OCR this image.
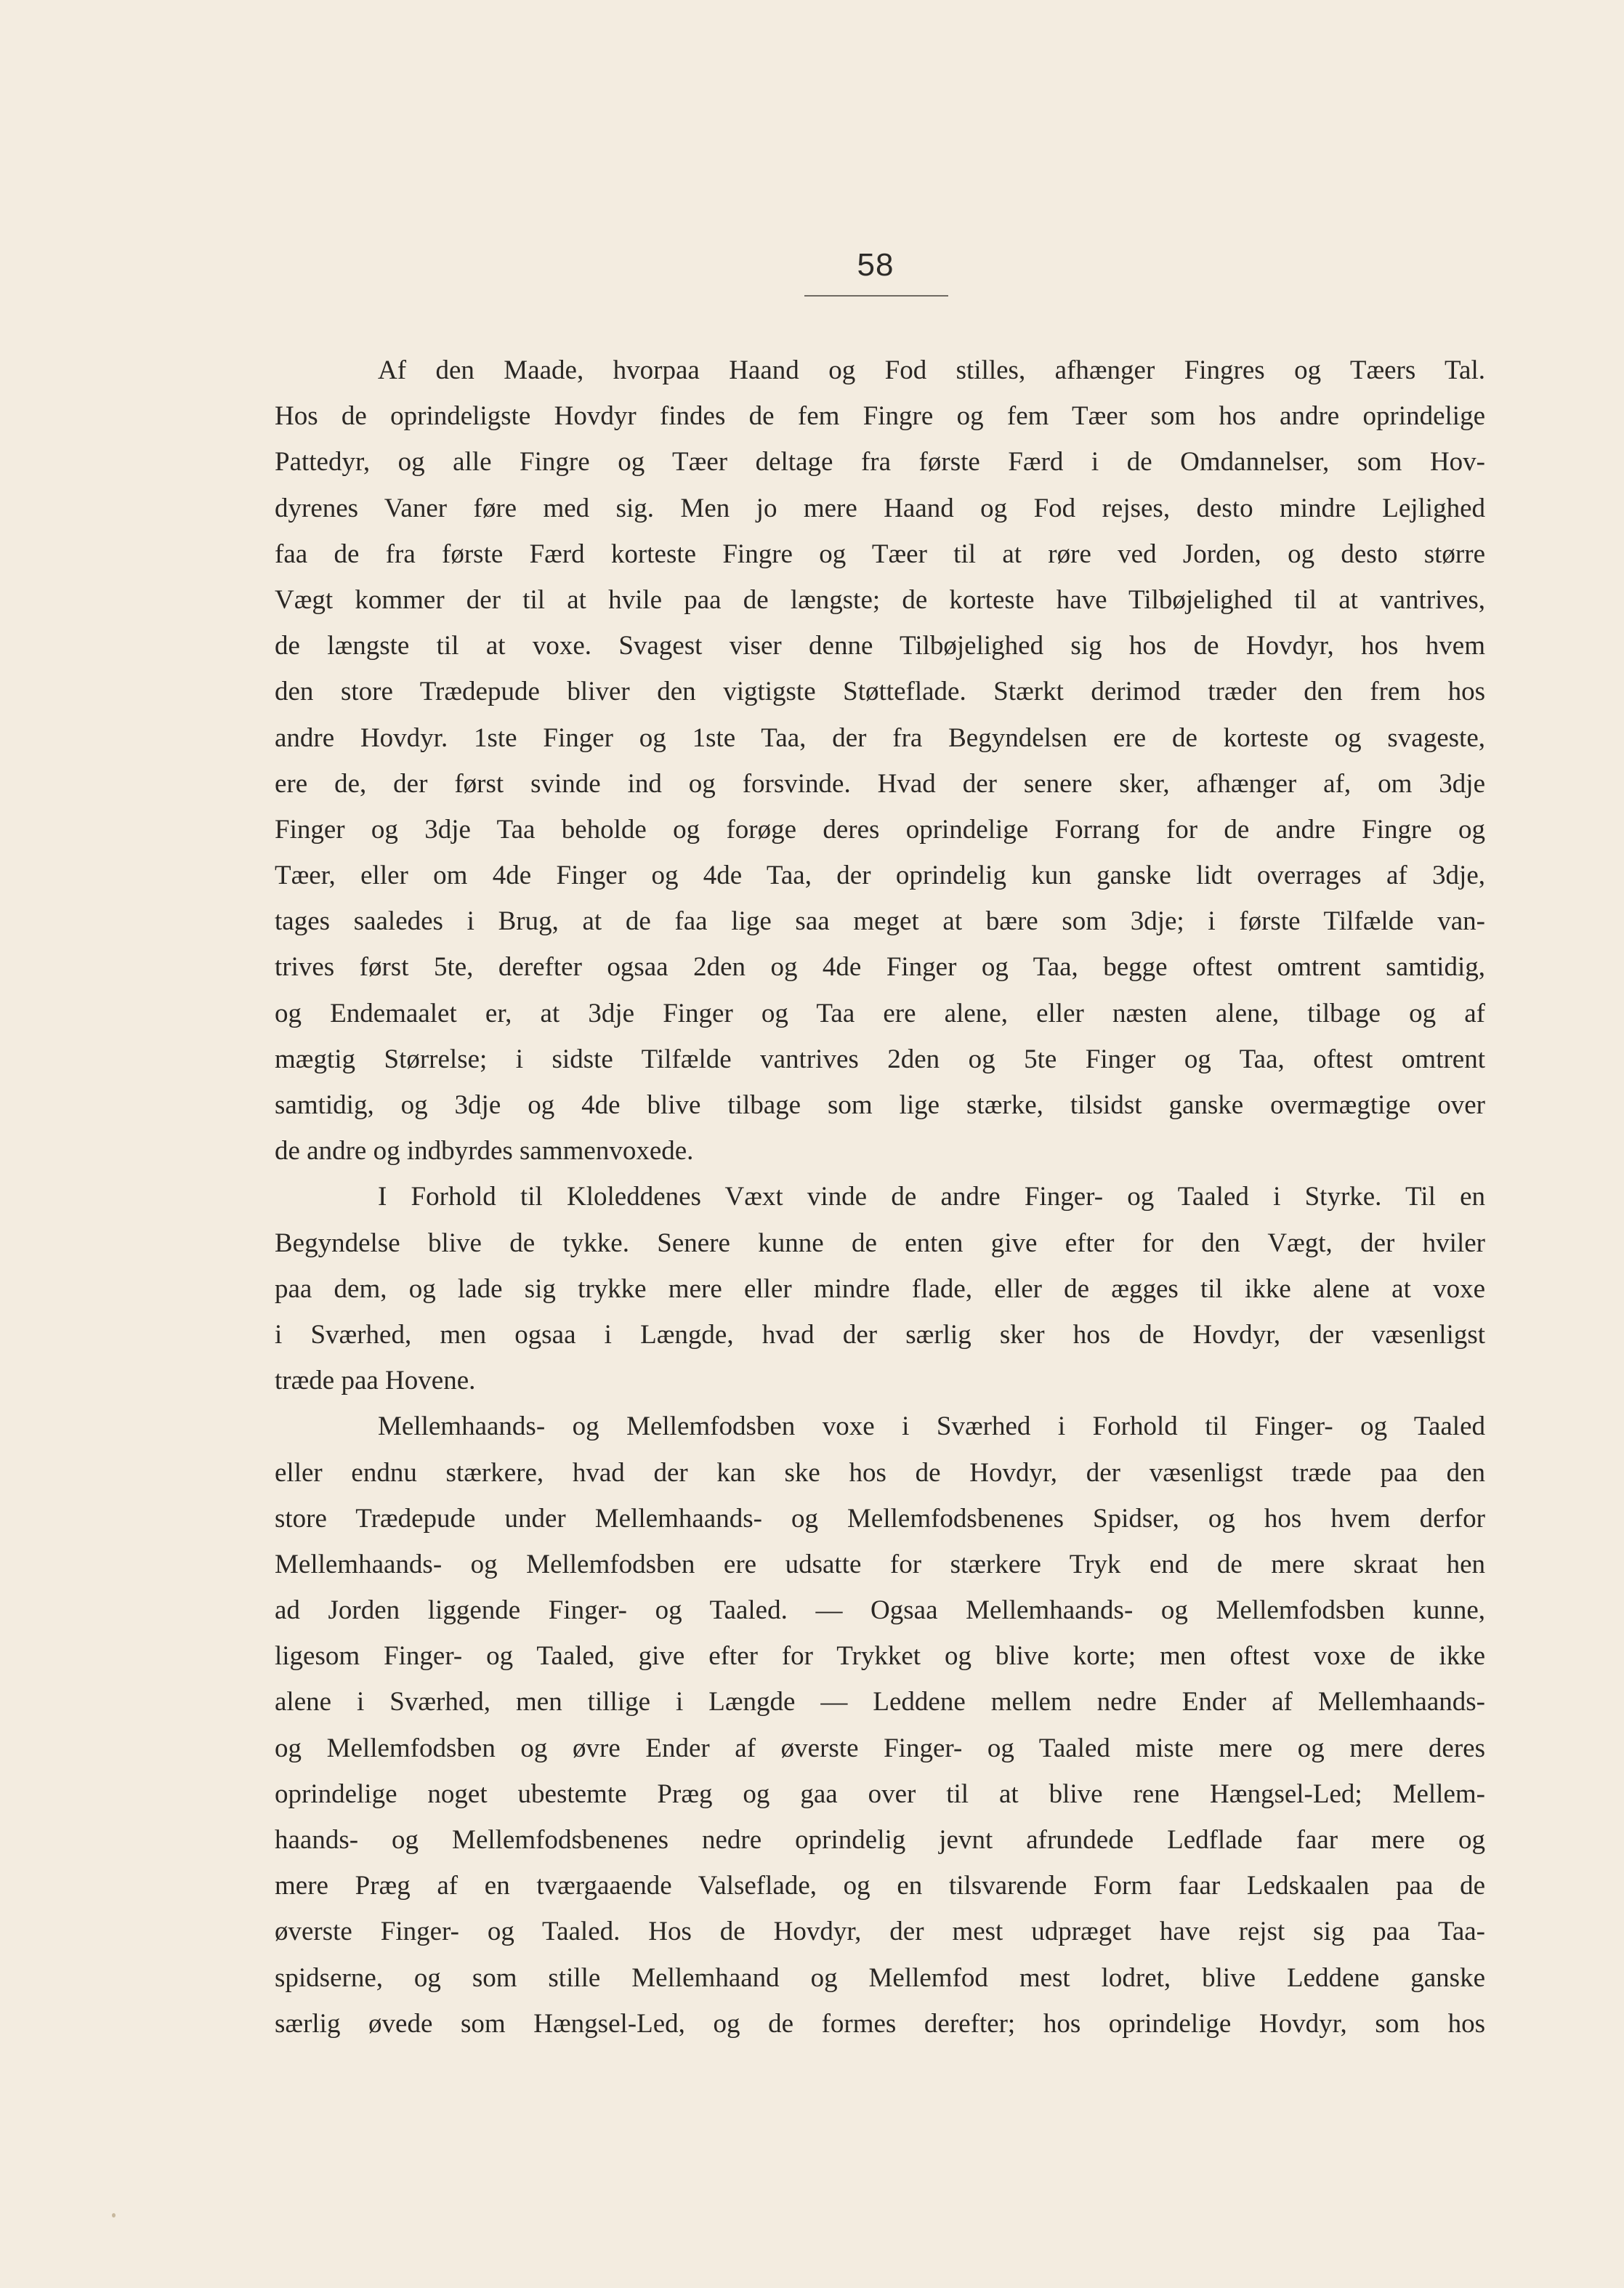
58
Af den Maade, hvorpaa Haand og Fod stilles, afhænger Fingres og Tæers Tal.
Hos de oprindeligste Hovdyr findes de fem Fingre og fem Tæer som hos andre oprindelige
Pattedyr, og alle Fingre og Tæer deltage fra første Færd i de Omdannelser, som Hov-
dyrenes Vaner føre med sig. Men jo mere Haand og Fod rejses, desto mindre Lejlighed
faa de fra første Færd korteste Fingre og Tæer til at røre ved Jorden, og desto større
Vægt kommer der til at hvile paa de længste; de korteste have Tilbøjelighed til at vantrives,
de længste til at voxe. Svagest viser denne Tilbøjelighed sig hos de Hovdyr, hos hvem
den store Trædepude bliver den vigtigste Støtteflade. Stærkt derimod træder den frem hos
andre Hovdyr. 1ste Finger og 1ste Taa, der fra Begyndelsen ere de korteste og svageste,
ere de, der først svinde ind og forsvinde. Hvad der senere sker, afhænger af, om 3dje
Finger og 3dje Taa beholde og forøge deres oprindelige Forrang for de andre Fingre og
Tæer, eller om 4de Finger og 4de Taa, der oprindelig kun ganske lidt overrages af 3dje,
tages saaledes i Brug, at de faa lige saa meget at bære som 3dje; i første Tilfælde van-
trives først 5te, derefter ogsaa 2den og 4de Finger og Taa, begge oftest omtrent samtidig,
og Endemaalet er, at 3dje Finger og Taa ere alene, eller næsten alene, tilbage og af
mægtig Størrelse; i sidste Tilfælde vantrives 2den og 5te Finger og Taa, oftest omtrent
samtidig, og 3dje og 4de blive tilbage som lige stærke, tilsidst ganske overmægtige over
de andre og indbyrdes sammenvoxede.
I Forhold til Kloleddenes Væxt vinde de andre Finger- og Taaled i Styrke. Til en
Begyndelse blive de tykke. Senere kunne de enten give efter for den Vægt, der hviler
paa dem, og lade sig trykke mere eller mindre flade, eller de ægges til ikke alene at voxe
i Sværhed, men ogsaa i Længde, hvad der særlig sker hos de Hovdyr, der væsenligst
træde paa Hovene.
Mellemhaands- og Mellemfodsben voxe i Sværhed i Forhold til Finger- og Taaled
eller endnu stærkere, hvad der kan ske hos de Hovdyr, der væsenligst træde paa den
store Trædepude under Mellemhaands- og Mellemfodsbenenes Spidser, og hos hvem derfor
Mellemhaands- og Mellemfodsben ere udsatte for stærkere Tryk end de mere skraat hen
ad Jorden liggende Finger- og Taaled. — Ogsaa Mellemhaands- og Mellemfodsben kunne,
ligesom Finger- og Taaled, give efter for Trykket og blive korte; men oftest voxe de ikke
alene i Sværhed, men tillige i Længde — Leddene mellem nedre Ender af Mellemhaands-
og Mellemfodsben og øvre Ender af øverste Finger- og Taaled miste mere og mere deres
oprindelige noget ubestemte Præg og gaa over til at blive rene Hængsel-Led; Mellem-
haands- og Mellemfodsbenenes nedre oprindelig jevnt afrundede Ledflade faar mere og
mere Præg af en tværgaaende Valseflade, og en tilsvarende Form faar Ledskaalen paa de
øverste Finger- og Taaled. Hos de Hovdyr, der mest udpræget have rejst sig paa Taa-
spidserne, og som stille Mellemhaand og Mellemfod mest lodret, blive Leddene ganske
særlig øvede som Hængsel-Led, og de formes derefter; hos oprindelige Hovdyr, som hos
